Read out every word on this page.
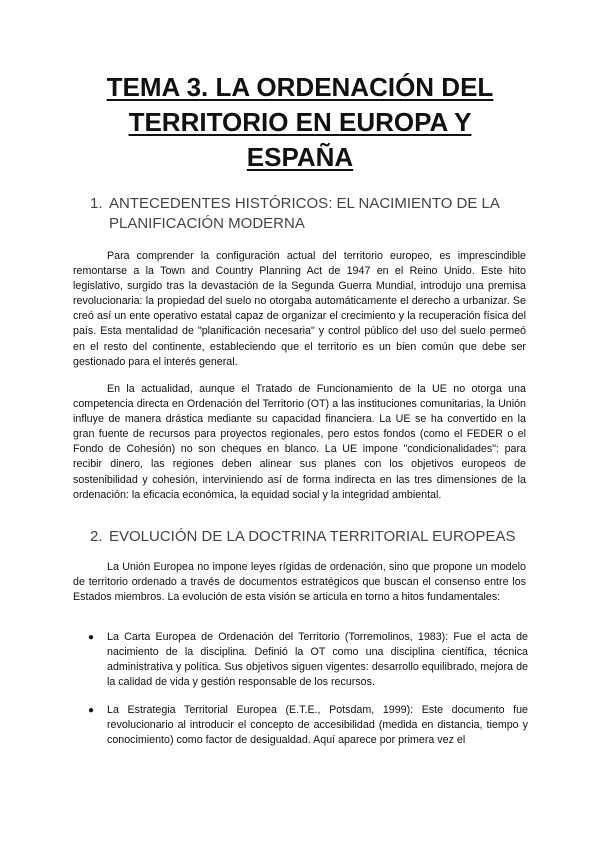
TEMA 3. LA ORDENACIÓN DEL
TERRITORIO EN EUROPA Y
ESPAÑA
1. ANTECEDENTES HISTÓRICOS: EL NACIMIENTO DE LA
PLANIFICACIÓN MODERNA

Para comprender la configuración actual del territorio europeo, es imprescindible remontarse a la Town and Country Planning Act de 1947 en el Reino Unido. Este hito legislativo, surgido tras la devastación de la Segunda Guerra Mundial, introdujo una premisa revolucionaria: la propiedad del suelo no otorgaba automáticamente el derecho a urbanizar. Se creó así un ente operativo estatal capaz de organizar el crecimiento y la recuperación física del país. Esta mentalidad de "planificación necesaria" y control público del uso del suelo permeó en el resto del continente, estableciendo que el territorio es un bien común que debe ser gestionado para el interés general.

En la actualidad, aunque el Tratado de Funcionamiento de la UE no otorga una competencia directa en Ordenación del Territorio (OT) a las instituciones comunitarias, la Unión influye de manera drástica mediante su capacidad financiera. La UE se ha convertido en la gran fuente de recursos para proyectos regionales, pero estos fondos (como el FEDER o el Fondo de Cohesión) no son cheques en blanco. La UE impone "condicionalidades": para recibir dinero, las regiones deben alinear sus planes con los objetivos europeos de sostenibilidad y cohesión, interviniendo así de forma indirecta en las tres dimensiones de la ordenación: la eficacia económica, la equidad social y la integridad ambiental.

2. EVOLUCIÓN DE LA DOCTRINA TERRITORIAL EUROPEAS

La Unión Europea no impone leyes rígidas de ordenación, sino que propone un modelo de territorio ordenado a través de documentos estratégicos que buscan el consenso entre los Estados miembros. La evolución de esta visión se articula en torno a hitos fundamentales:

● La Carta Europea de Ordenación del Territorio (Torremolinos, 1983): Fue el acta de nacimiento de la disciplina. Definió la OT como una disciplina científica, técnica administrativa y política. Sus objetivos siguen vigentes: desarrollo equilibrado, mejora de la calidad de vida y gestión responsable de los recursos.
● La Estrategia Territorial Europea (E.T.E., Potsdam, 1999): Este documento fue revolucionario al introducir el concepto de accesibilidad (medida en distancia, tiempo y conocimiento) como factor de desigualdad. Aquí aparece por primera vez el
